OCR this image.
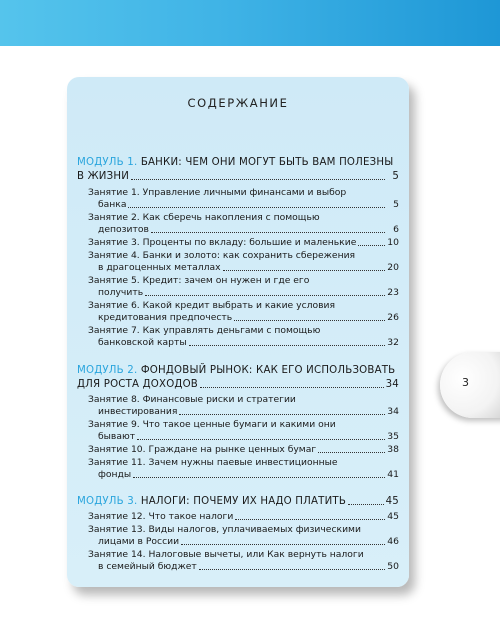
СОДЕРЖАНИЕ
МОДУЛЬ 1. БАНКИ: ЧЕМ ОНИ МОГУТ БЫТЬ ВАМ ПОЛЕЗНЫ
В ЖИЗНИ	5
Занятие 1. Управление личными финансами и выбор
банка	5
Занятие 2. Как сберечь накопления с помощью
депозитов	6
Занятие 3. Проценты по вкладу: большие и маленькие	10
Занятие 4. Банки и золото: как сохранить сбережения
в драгоценных металлах	20
Занятие 5. Кредит: зачем он нужен и где его
получить	23
Занятие 6. Какой кредит выбрать и какие условия
кредитования предпочесть	26
Занятие 7. Как управлять деньгами с помощью
банковской карты	32
МОДУЛЬ 2. ФОНДОВЫЙ РЫНОК: КАК ЕГО ИСПОЛЬЗОВАТЬ
ДЛЯ РОСТА ДОХОДОВ	34
Занятие 8. Финансовые риски и стратегии
инвестирования	34
Занятие 9. Что такое ценные бумаги и какими они
бывают	35
Занятие 10. Граждане на рынке ценных бумаг	38
Занятие 11. Зачем нужны паевые инвестиционные
фонды	41
МОДУЛЬ 3. НАЛОГИ: ПОЧЕМУ ИХ НАДО ПЛАТИТЬ	45
Занятие 12. Что такое налоги	45
Занятие 13. Виды налогов, уплачиваемых физическими
лицами в России	46
Занятие 14. Налоговые вычеты, или Как вернуть налоги
в семейный бюджет	50
3
